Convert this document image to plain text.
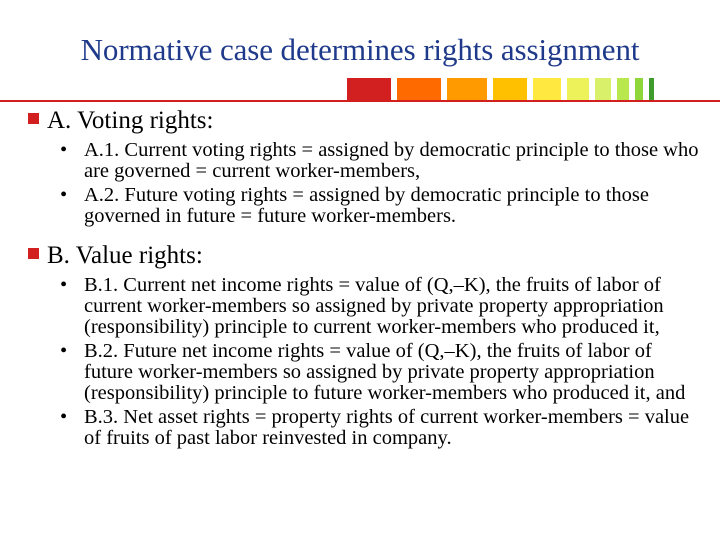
Normative case determines rights assignment
A. Voting rights:
• A.1. Current voting rights = assigned by democratic principle to those who are governed = current worker-members,
• A.2. Future voting rights = assigned by democratic principle to those governed in future = future worker-members.
B. Value rights:
• B.1. Current net income rights = value of (Q,–K), the fruits of labor of current worker-members so assigned by private property appropriation (responsibility) principle to current worker-members who produced it,
• B.2. Future net income rights = value of (Q,–K), the fruits of labor of future worker-members so assigned by private property appropriation (responsibility) principle to future worker-members who produced it, and
• B.3. Net asset rights = property rights of current worker-members = value of fruits of past labor reinvested in company.
